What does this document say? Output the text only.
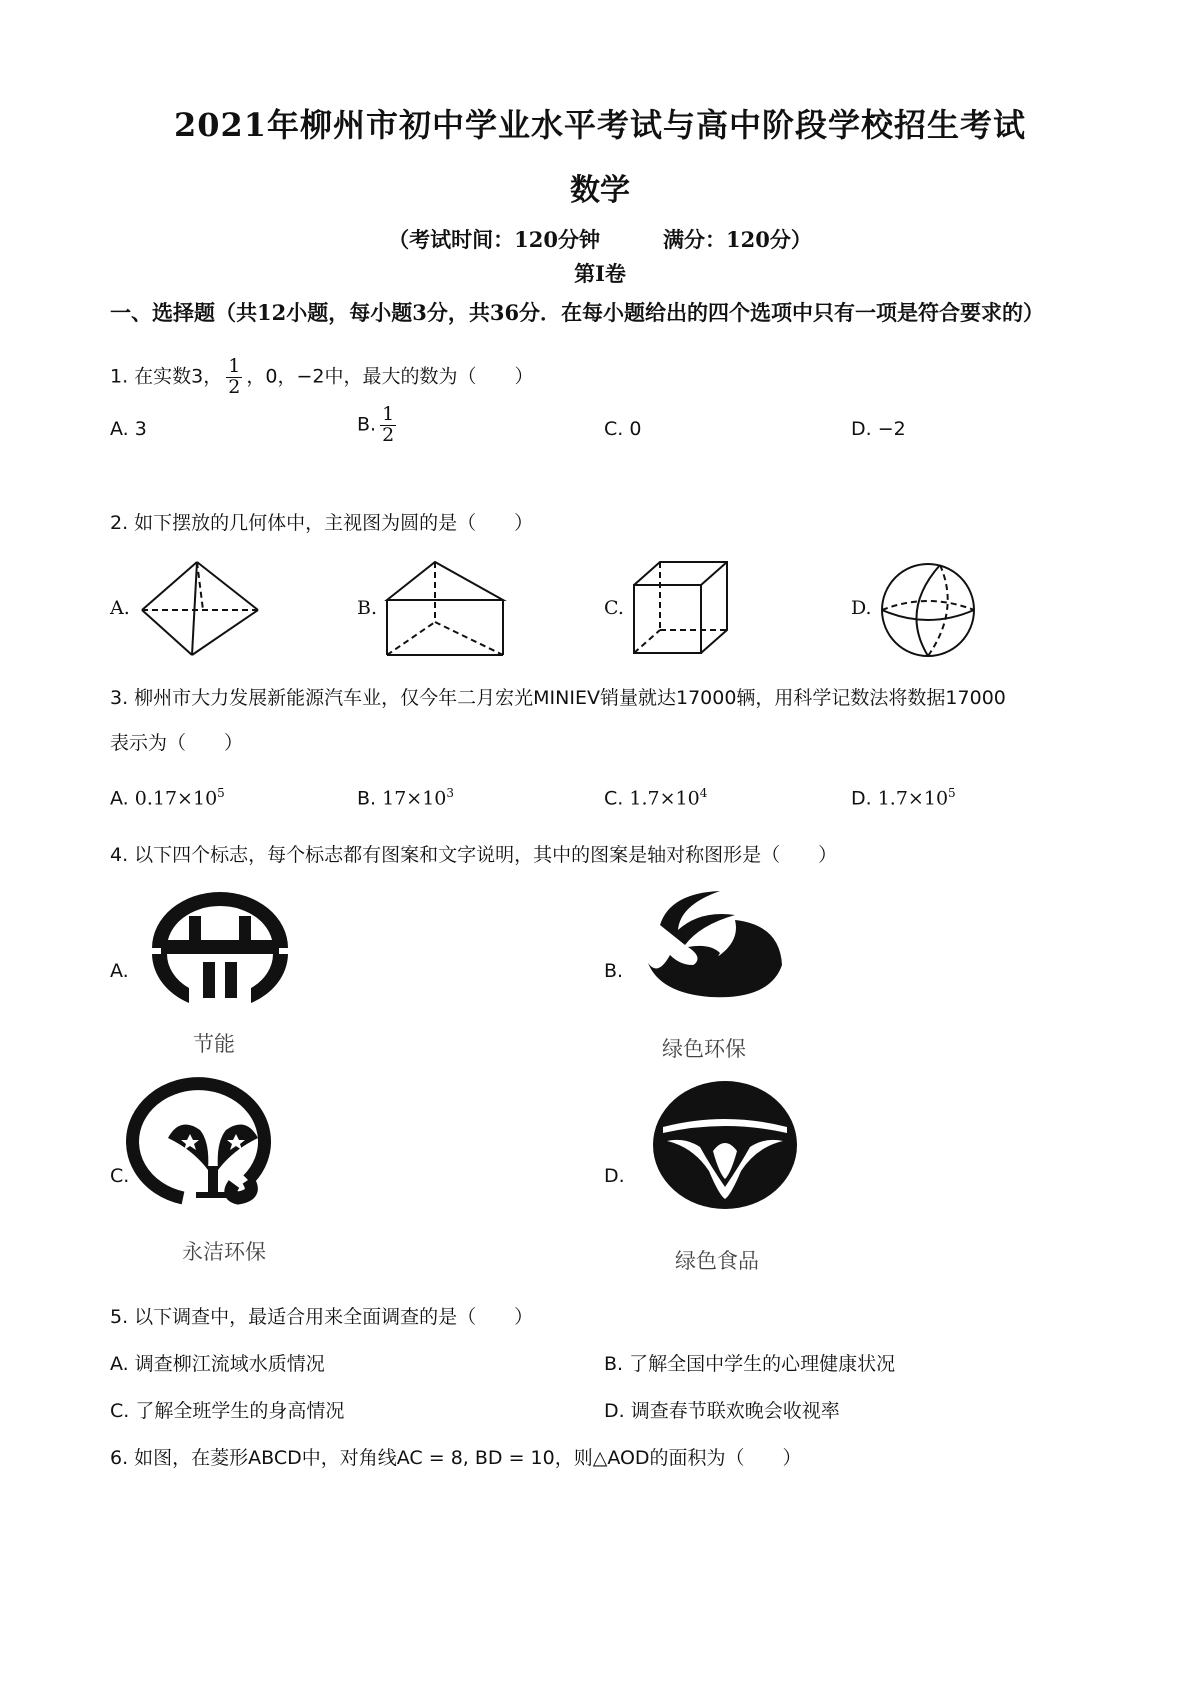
2021年柳州市初中学业水平考试与高中阶段学校招生考试
数学
（考试时间：120分钟　　　满分：120分）
第Ⅰ卷
一、选择题（共12小题，每小题3分，共36分．在每小题给出的四个选项中只有一项是符合要求的）
1. 在实数3， $\frac{1}{2}$ ，0，−2中，最大的数为（　　）
A. 3	B. $\frac{1}{2}$	C. 0	D. −2
2. 如下摆放的几何体中，主视图为圆的是（　　）
A.	B.	C.	D.
3. 柳州市大力发展新能源汽车业，仅今年二月宏光MINIEV销量就达17000辆，用科学记数法将数据17000
表示为（　　）
A. $0.17\times 10^5$	B. $17\times 10^3$	C. $1.7\times 10^4$	D. $1.7\times 10^5$
4. 以下四个标志，每个标志都有图案和文字说明，其中的图案是轴对称图形是（　　）
A.
节能
B.
绿色环保
C.
永洁环保
D.
绿色食品
5. 以下调查中，最适合用来全面调查的是（　　）
A. 调查柳江流域水质情况	B. 了解全国中学生的心理健康状况
C. 了解全班学生的身高情况	D. 调查春节联欢晚会收视率
6. 如图，在菱形ABCD中，对角线AC = 8, BD = 10，则△AOD的面积为（　　）
